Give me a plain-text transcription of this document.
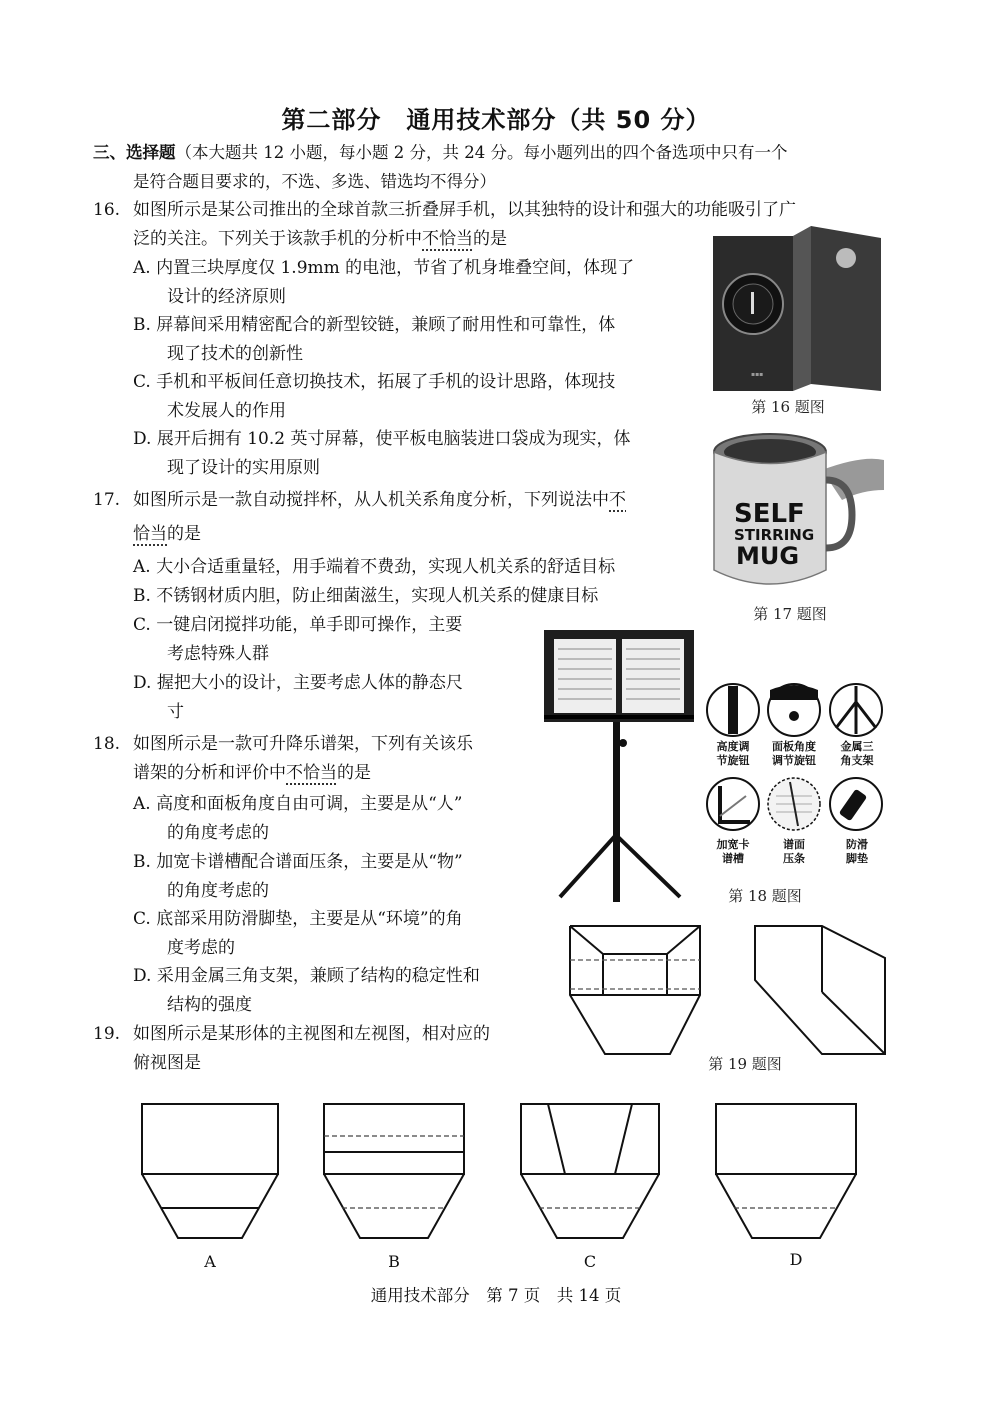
第二部分　通用技术部分（共 50 分）
三、选择题（本大题共 12 小题，每小题 2 分，共 24 分。每小题列出的四个备选项中只有一个
是符合题目要求的，不选、多选、错选均不得分）
16. 如图所示是某公司推出的全球首款三折叠屏手机，以其独特的设计和强大的功能吸引了广
泛的关注。下列关于该款手机的分析中不恰当的是
A. 内置三块厚度仅 1.9mm 的电池，节省了机身堆叠空间，体现了
设计的经济原则
B. 屏幕间采用精密配合的新型铰链，兼顾了耐用性和可靠性，体
现了技术的创新性
C. 手机和平板间任意切换技术，拓展了手机的设计思路，体现技
术发展人的作用
D. 展开后拥有 10.2 英寸屏幕，使平板电脑装进口袋成为现实，体
现了设计的实用原则
▪▪▪
第 16 题图
17. 如图所示是一款自动搅拌杯，从人机关系角度分析，下列说法中不
恰当的是
A. 大小合适重量轻，用手端着不费劲，实现人机关系的舒适目标
B. 不锈钢材质内胆，防止细菌滋生，实现人机关系的健康目标
C. 一键启闭搅拌功能，单手即可操作，主要
考虑特殊人群
D. 握把大小的设计，主要考虑人体的静态尺
寸
SELF
STIRRING
MUG
第 17 题图
18. 如图所示是一款可升降乐谱架，下列有关该乐
谱架的分析和评价中不恰当的是
A. 高度和面板角度自由可调，主要是从“人”
的角度考虑的
B. 加宽卡谱槽配合谱面压条，主要是从“物”
的角度考虑的
C. 底部采用防滑脚垫，主要是从“环境”的角
度考虑的
D. 采用金属三角支架，兼顾了结构的稳定性和
结构的强度
高度调
节旋钮
面板角度
调节旋钮
金属三
角支架
加宽卡
谱槽
谱面
压条
防滑
脚垫
第 18 题图
19. 如图所示是某形体的主视图和左视图，相对应的
俯视图是	第 19 题图
A	B	C	D
通用技术部分　第 7 页　共 14 页
